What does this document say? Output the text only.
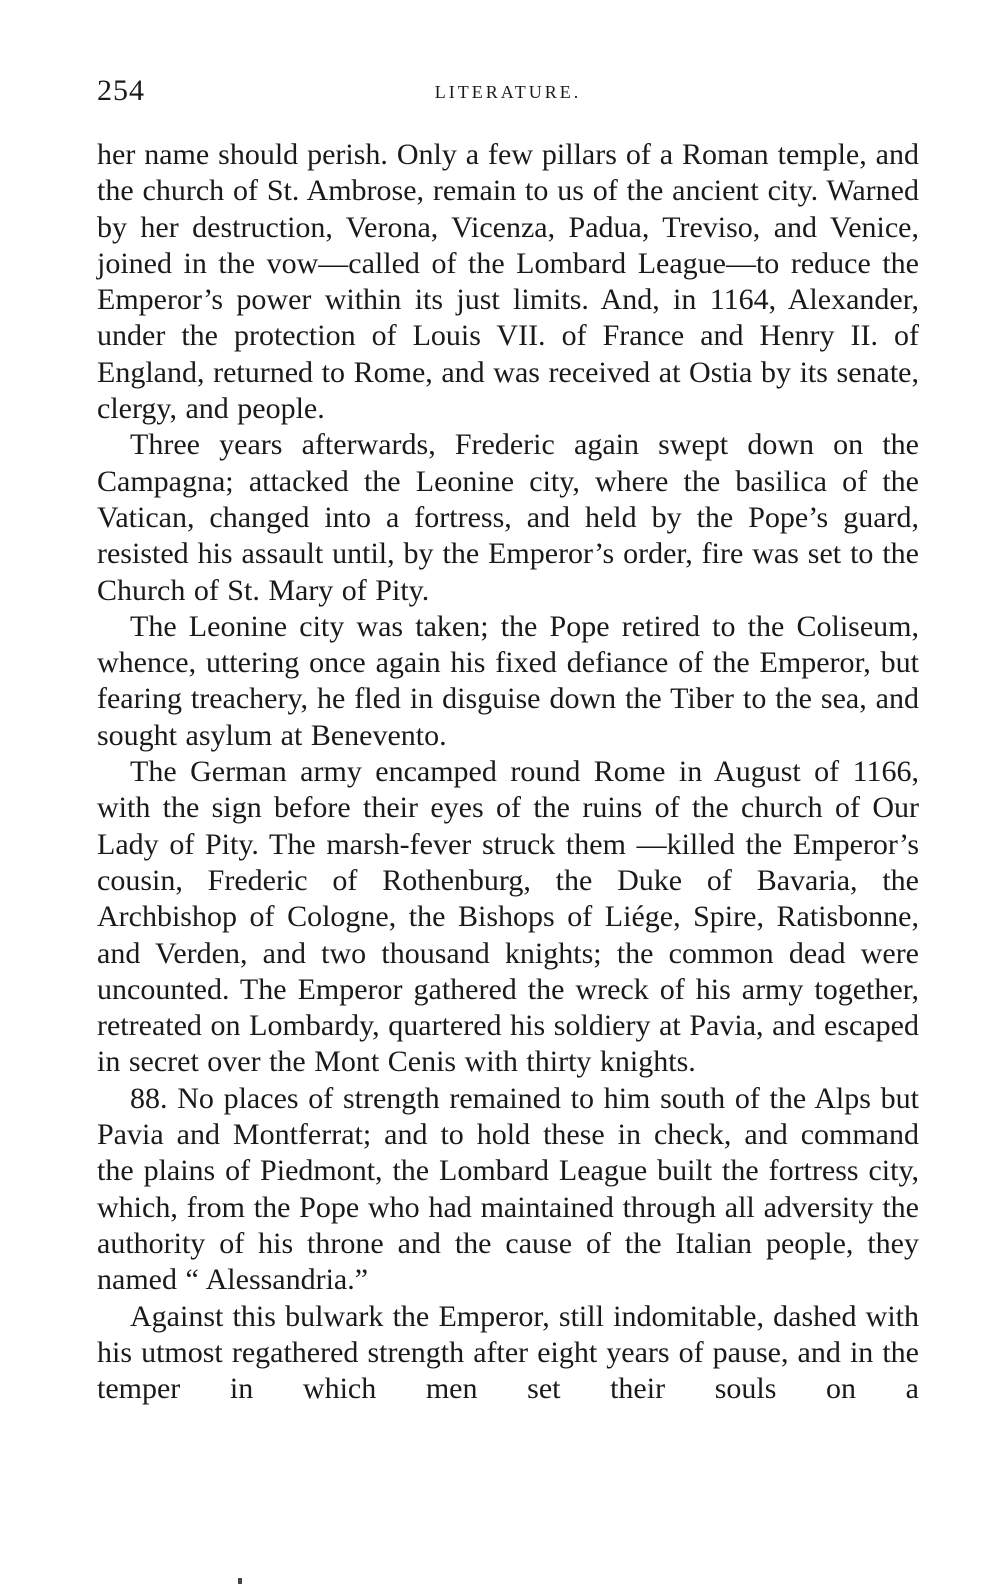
254	LITERATURE.

her name should perish. Only a few pillars of a Roman temple, and the church of St. Ambrose, remain to us of the ancient city. Warned by her destruction, Verona, Vicenza, Padua, Treviso, and Venice, joined in the vow—called of the Lombard League—to reduce the Emperor’s power within its just limits. And, in 1164, Alexander, under the protection of Louis VII. of France and Henry II. of England, returned to Rome, and was received at Ostia by its senate, clergy, and people.

Three years afterwards, Frederic again swept down on the Campagna; attacked the Leonine city, where the basilica of the Vatican, changed into a fortress, and held by the Pope’s guard, resisted his assault until, by the Emperor’s order, fire was set to the Church of St. Mary of Pity.

The Leonine city was taken; the Pope retired to the Coliseum, whence, uttering once again his fixed defiance of the Emperor, but fearing treachery, he fled in disguise down the Tiber to the sea, and sought asylum at Benevento.

The German army encamped round Rome in August of 1166, with the sign before their eyes of the ruins of the church of Our Lady of Pity. The marsh-fever struck them —killed the Emperor’s cousin, Frederic of Rothenburg, the Duke of Bavaria, the Archbishop of Cologne, the Bishops of Liége, Spire, Ratisbonne, and Verden, and two thousand knights; the common dead were uncounted. The Emperor gathered the wreck of his army together, retreated on Lombardy, quartered his soldiery at Pavia, and escaped in secret over the Mont Cenis with thirty knights.

88. No places of strength remained to him south of the Alps but Pavia and Montferrat; and to hold these in check, and command the plains of Piedmont, the Lombard League built the fortress city, which, from the Pope who had maintained through all adversity the authority of his throne and the cause of the Italian people, they named “ Alessandria.”

Against this bulwark the Emperor, still indomitable, dashed with his utmost regathered strength after eight years of pause, and in the temper in which men set their souls on a
